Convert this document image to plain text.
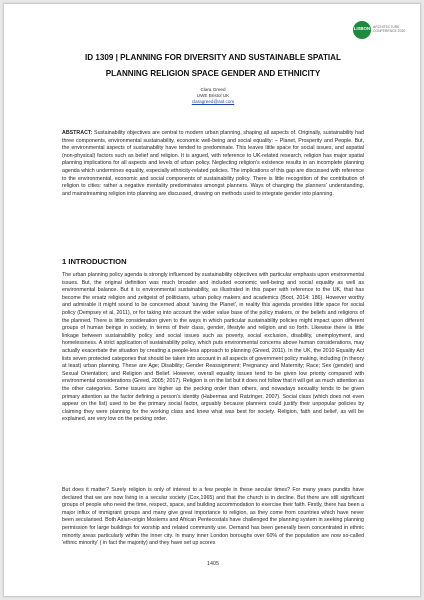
LISBON ARCHITECTURE CONFERENCE 2020
ID 1309 | PLANNING FOR DIVERSITY AND SUSTAINABLE SPATIAL
PLANNING RELIGION SPACE GENDER AND ETHNICITY
Clara Greed
UWE Bristol UK
claragreed@aol.com
ABSTRACT: Sustainability objectives are central to modern urban planning, shaping all aspects of. Originally, sustainability had three components, environmental sustainability, economic well-being and social equality: – Planet, Prosperity and People. But, the environmental aspects of sustainability have tended to predominate. This leaves little space for social issues, and aspatial (non-physical) factors such as belief and religion. It is argued, with reference to UK-related research, religion has major spatial planning implications for all aspects and levels of urban policy. Neglecting religion's existence results in an incomplete planning agenda which undermines equality, especially ethnicity-related policies. The implications of this gap are discussed with reference to the environmental, economic and social components of sustainability policy. There is little recognition of the contribution of religion to cities: rather a negative mentality predominates amongst planners. Ways of changing the planners' understanding, and mainstreaming religion into planning are discussed, drawing on methods used to integrate gender into planning.
1 INTRODUCTION
The urban planning policy agenda is strongly influenced by sustainability objectives with particular emphasis upon environmental issues. But, the original definition was much broader and included economic well-being and social equality as well as environmental balance. But it is environmental sustainability, as illustrated in this paper with reference to the UK, that has become the ersatz religion and zeitgeist of politicians, urban policy makers and academics (Boot, 2014: 186). However worthy and admirable it might sound to be concerned about 'saving the Planet', in reality this agenda provides little space for social policy (Dempsey et al, 2011), or for taking into account the wider value base of the policy makers, or the beliefs and religions of the planned. There is little consideration given to the ways in which particular sustainability policies might impact upon different groups of human beings in society, in terms of their class, gender, lifestyle and religion and so forth. Likewise there is little linkage between sustainability policy and social issues such as poverty, social exclusion, disability, unemployment, and homelessness. A strict application of sustainability policy, which puts environmental concerns above human considerations, may actually exacerbate the situation by creating a people-less approach to planning (Greed, 2011). In the UK, the 2010 Equality Act lists seven protected categories that should be taken into account in all aspects of government policy making, including (in theory at least) urban planning. These are Age; Disability; Gender Reassignment; Pregnancy and Maternity; Race; Sex (gender) and Sexual Orientation; and Religion and Belief. However, overall equality issues tend to be given low priority compared with environmental considerations (Greed, 2005; 2017). Religion is on the list but it does not follow that it will get as much attention as the other categories. Some issues are higher up the pecking order than others, and nowadays sexuality tends to be given primary attention as the factor defining a person's identity (Habermas and Ratzinger, 2007). Social class (which does not even appear on the list) used to be the primary social factor, arguably because planners could justify their unpopular policies by claiming they were planning for the working class and knew what was best for society. Religion, faith and belief, as will be explained, are very low on the pecking order.
But does it matter? Surely religion is only of interest to a few people in these secular times? For many years pundits have declared that we are now living in a secular society (Cox,1965) and that the church is in decline. But there are still significant groups of people who need the time, respect, space, and building accommodation to exercise their faith. Firstly, there has been a major influx of immigrant groups and many give great importance to religion, as they come from countries which have never been secularised. Both Asian-origin Moslems and African Pentecostals have challenged the planning system in seeking planning permission for large buildings for worship and related community use. Demand has been generally been concentrated in ethnic minority areas particularly within the inner city. In many inner London boroughs over 60% of the population are now so-called 'ethnic minority' ( in fact the majority) and they have set up scores
1405
